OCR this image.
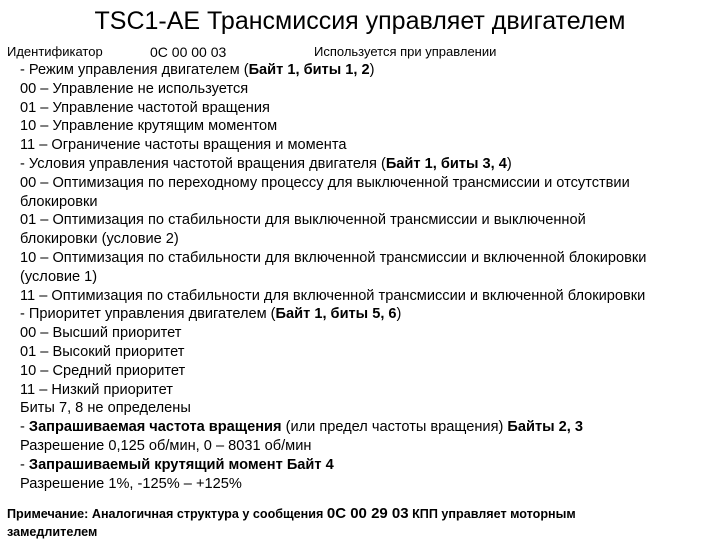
TSC1-AE Трансмиссия управляет двигателем
Идентификатор	0C 00 00 03	Используется при управлении
- Режим управления двигателем (Байт 1, биты 1, 2)
00 – Управление не используется
01 – Управление частотой вращения
10 – Управление крутящим моментом
11 – Ограничение частоты вращения и момента
- Условия управления частотой вращения двигателя (Байт 1, биты 3, 4)
00 – Оптимизация по переходному процессу для выключенной трансмиссии и отсутствии
блокировки
01 – Оптимизация по стабильности для выключенной трансмиссии и выключенной
блокировки (условие 2)
10 – Оптимизация по стабильности для включенной трансмиссии и включенной блокировки
(условие 1)
11 – Оптимизация по стабильности для включенной трансмиссии и включенной блокировки
- Приоритет управления двигателем (Байт 1, биты 5, 6)
00 – Высший приоритет
01 – Высокий приоритет
10 – Средний приоритет
11 – Низкий приоритет
Биты 7, 8 не определены
- Запрашиваемая частота вращения (или предел частоты вращения) Байты 2, 3
Разрешение 0,125 об/мин, 0 – 8031 об/мин
- Запрашиваемый крутящий момент Байт 4
Разрешение 1%, -125% – +125%
Примечание: Аналогичная структура у сообщения 0C 00 29 03 КПП управляет моторным
замедлителем
